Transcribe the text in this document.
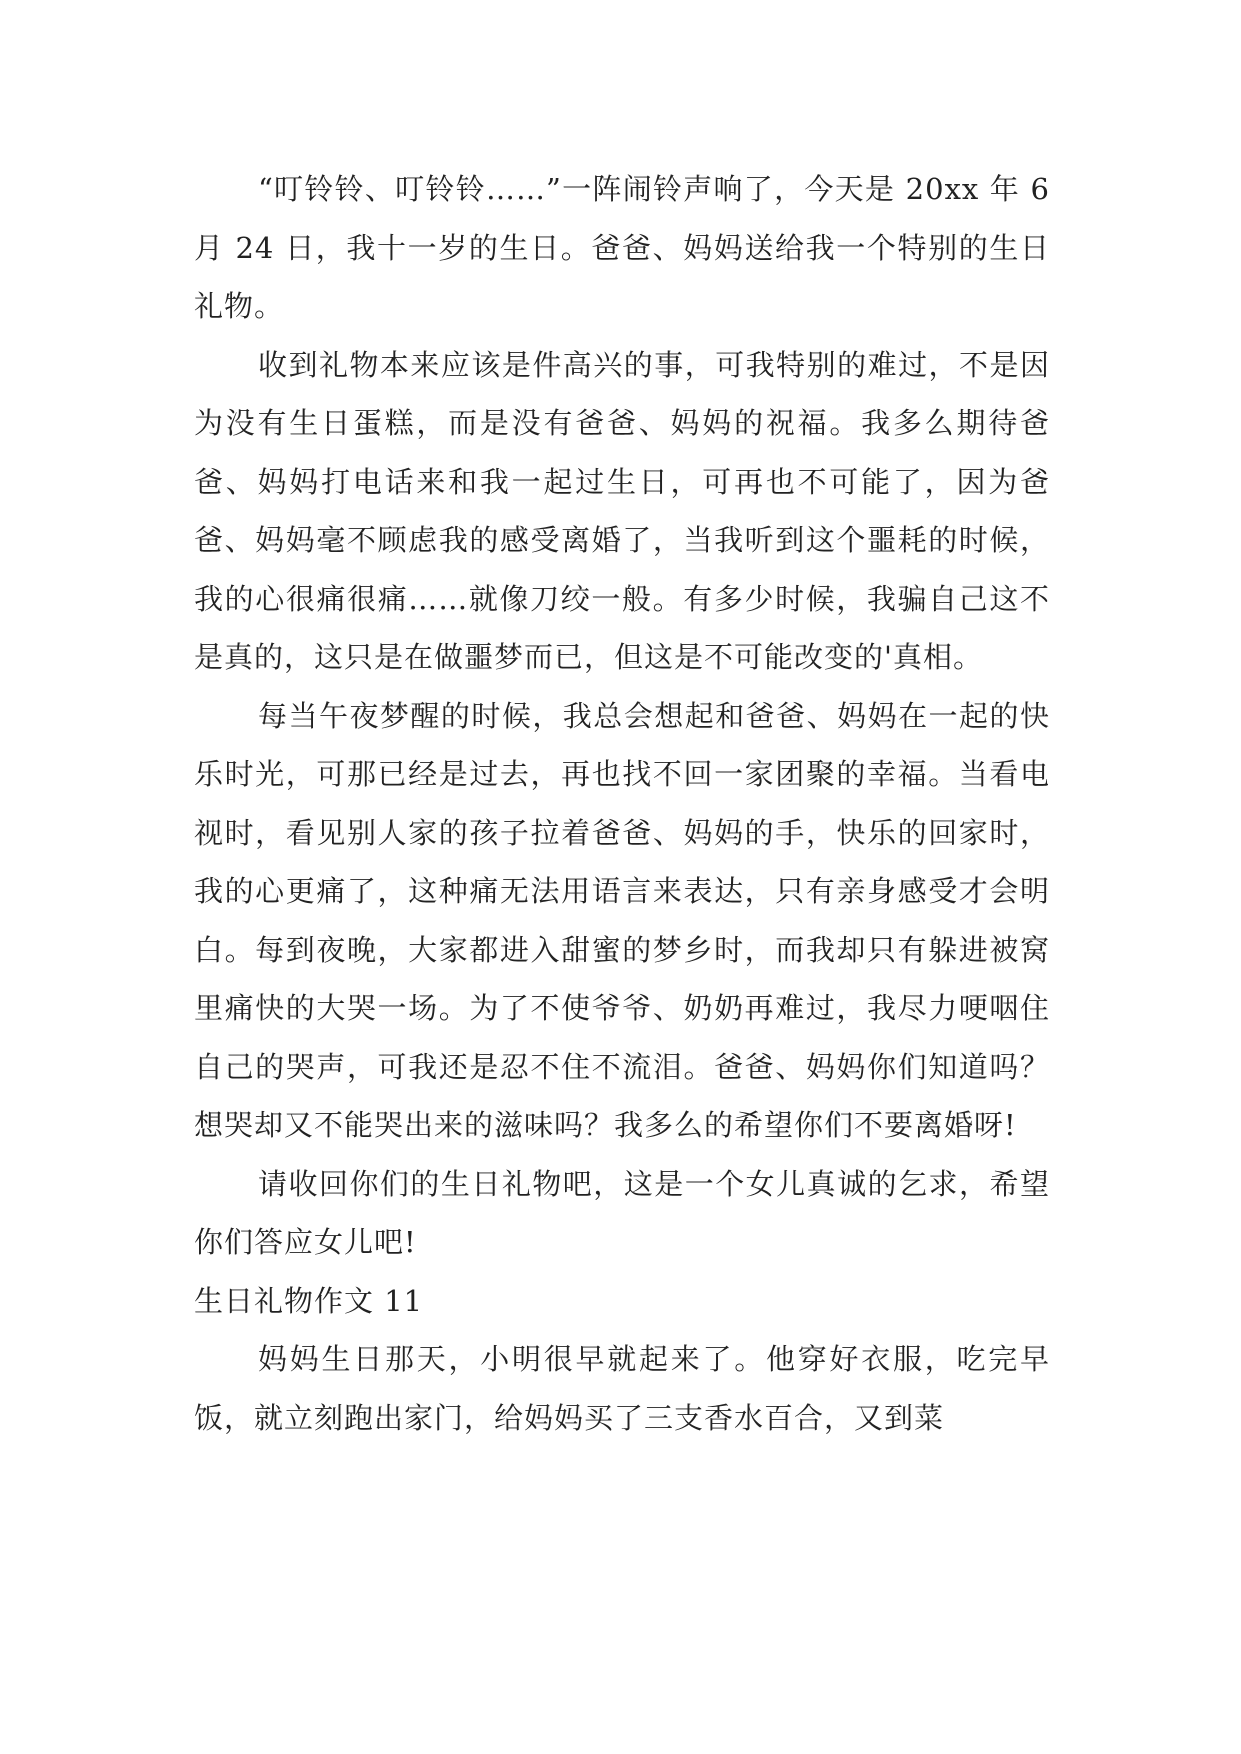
“叮铃铃、叮铃铃……”一阵闹铃声响了，今天是 20xx 年 6 月 24 日，我十一岁的生日。爸爸、妈妈送给我一个特别的生日礼物。

收到礼物本来应该是件高兴的事，可我特别的难过，不是因为没有生日蛋糕，而是没有爸爸、妈妈的祝福。我多么期待爸爸、妈妈打电话来和我一起过生日，可再也不可能了，因为爸爸、妈妈毫不顾虑我的感受离婚了，当我听到这个噩耗的时候，我的心很痛很痛……就像刀绞一般。有多少时候，我骗自己这不是真的，这只是在做噩梦而已，但这是不可能改变的'真相。

每当午夜梦醒的时候，我总会想起和爸爸、妈妈在一起的快乐时光，可那已经是过去，再也找不回一家团聚的幸福。当看电视时，看见别人家的孩子拉着爸爸、妈妈的手，快乐的回家时，我的心更痛了，这种痛无法用语言来表达，只有亲身感受才会明白。每到夜晚，大家都进入甜蜜的梦乡时，而我却只有躲进被窝里痛快的大哭一场。为了不使爷爷、奶奶再难过，我尽力哽咽住自己的哭声，可我还是忍不住不流泪。爸爸、妈妈你们知道吗？想哭却又不能哭出来的滋味吗？我多么的希望你们不要离婚呀!

请收回你们的生日礼物吧，这是一个女儿真诚的乞求，希望你们答应女儿吧!

生日礼物作文 11

妈妈生日那天，小明很早就起来了。他穿好衣服，吃完早饭，就立刻跑出家门，给妈妈买了三支香水百合，又到菜
